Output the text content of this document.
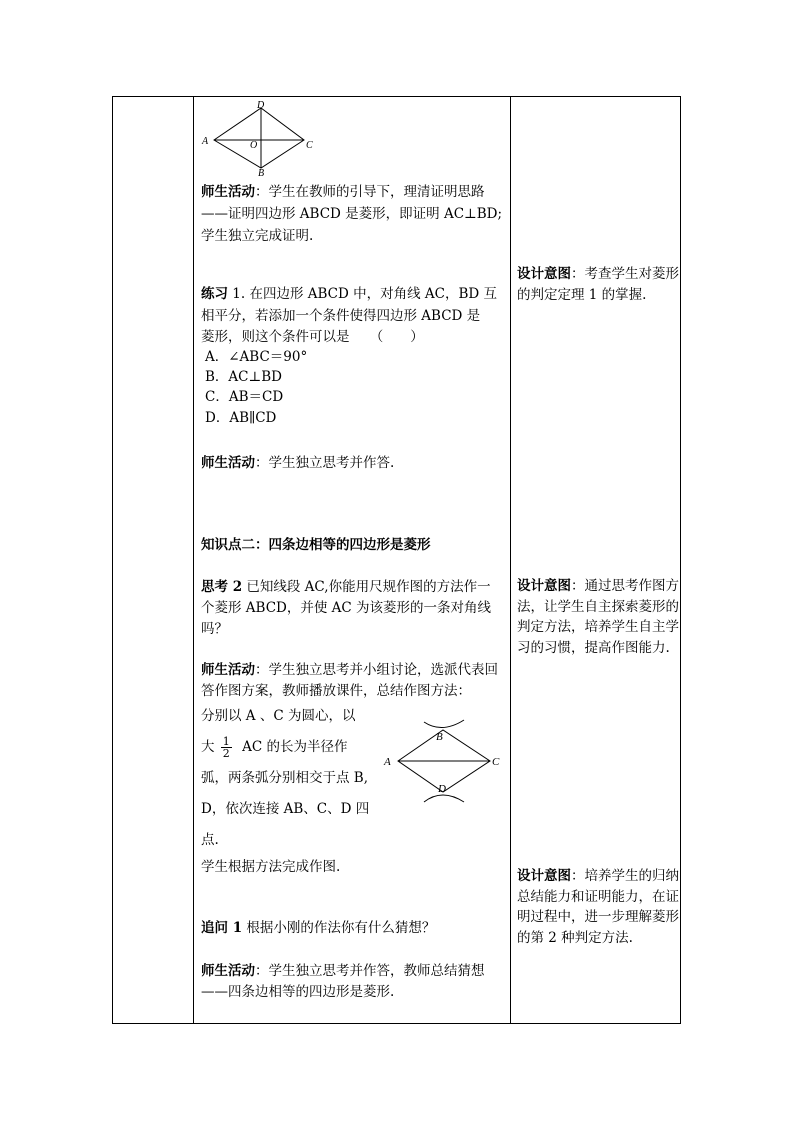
D
A	O	C
B
师生活动：学生在教师的引导下，理清证明思路
——证明四边形 ABCD 是菱形，即证明 AC⊥BD;
学生独立完成证明.
练习 1. 在四边形 ABCD 中，对角线 AC，BD 互
相平分，若添加一个条件使得四边形 ABCD 是
菱形，则这个条件可以是　　（　　）
A．∠ABC＝90°
B．AC⊥BD
C．AB＝CD
D．AB∥CD
师生活动：学生独立思考并作答.
知识点二：四条边相等的四边形是菱形
思考 2 已知线段 AC,你能用尺规作图的方法作一
个菱形 ABCD，并使 AC 为该菱形的一条对角线
吗？
师生活动：学生独立思考并小组讨论，选派代表回
答作图方案，教师播放课件，总结作图方法：
分别以 A 、C 为圆心，以
大 $\frac{1}{2}$ AC 的长为半径作
弧，两条弧分别相交于点 B,
D，依次连接 AB、C、D 四
点.
B
A	C
D
学生根据方法完成作图.
追问 1 根据小刚的作法你有什么猜想？
师生活动：学生独立思考并作答，教师总结猜想
——四条边相等的四边形是菱形.
设计意图：考查学生对菱形的判定定理 1 的掌握.
设计意图：通过思考作图方法，让学生自主探索菱形的判定方法，培养学生自主学习的习惯，提高作图能力.
设计意图：培养学生的归纳总结能力和证明能力，在证明过程中，进一步理解菱形的第 2 种判定方法.
